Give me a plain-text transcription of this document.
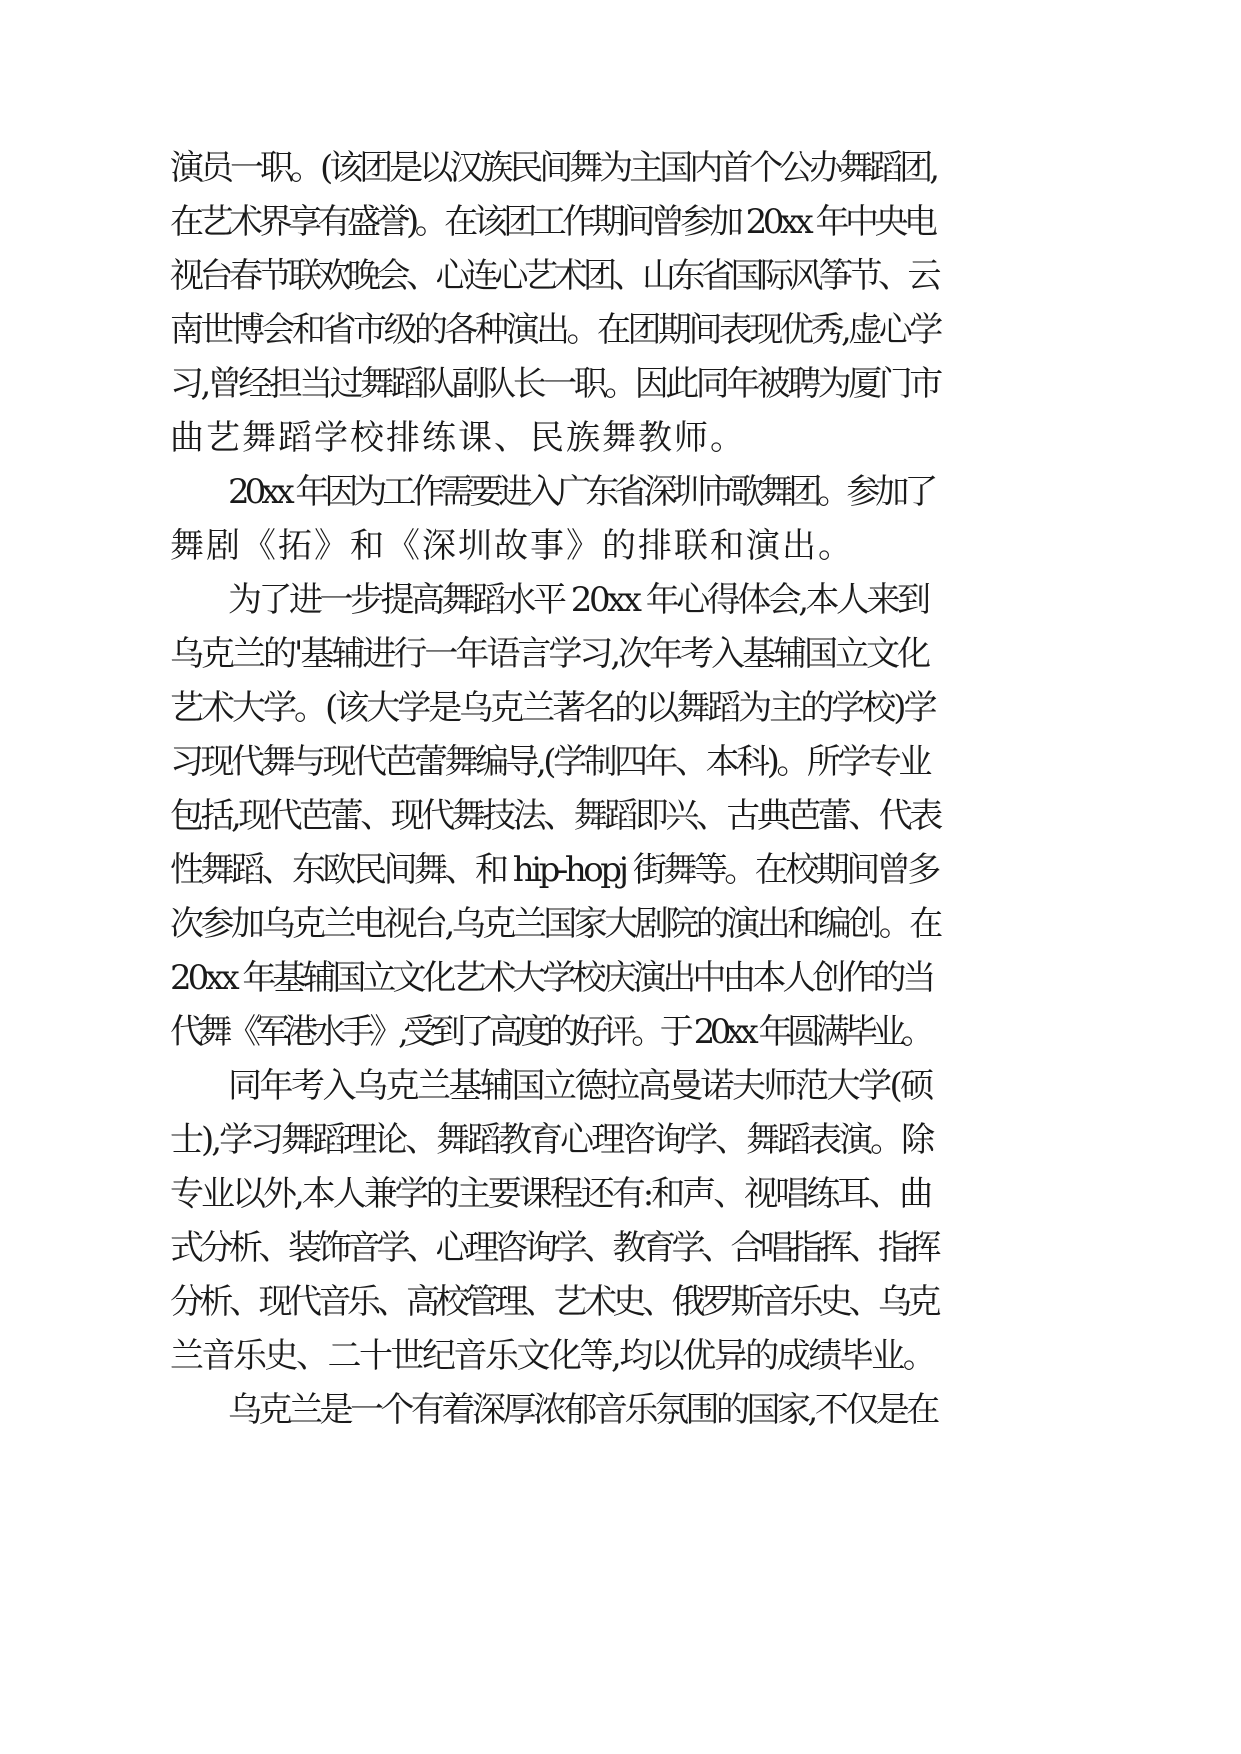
演员一职。(该团是以汉族民间舞为主国内首个公办舞蹈团,
在艺术界享有盛誉)。在该团工作期间曾参加 20xx 年中央电
视台春节联欢晚会、心连心艺术团、山东省国际风筝节、云
南世博会和省市级的各种演出。在团期间表现优秀,虚心学
习,曾经担当过舞蹈队副队长一职。因此同年被聘为厦门市
曲艺舞蹈学校排练课、民族舞教师。
20xx 年因为工作需要进入广东省深圳市歌舞团。参加了
舞剧《拓》和《深圳故事》的排联和演出。
为了进一步提高舞蹈水平 20xx 年心得体会,本人来到
乌克兰的'基辅进行一年语言学习,次年考入基辅国立文化
艺术大学。(该大学是乌克兰著名的以舞蹈为主的学校)学
习现代舞与现代芭蕾舞编导,(学制四年、本科)。所学专业
包括,现代芭蕾、现代舞技法、舞蹈即兴、古典芭蕾、代表
性舞蹈、东欧民间舞、和 hip-hopj 街舞等。在校期间曾多
次参加乌克兰电视台,乌克兰国家大剧院的演出和编创。在
20xx 年基辅国立文化艺术大学校庆演出中由本人创作的当
代舞《军港水手》,受到了高度的好评。于 20xx 年圆满毕业。
同年考入乌克兰基辅国立德拉高曼诺夫师范大学(硕
士),学习舞蹈理论、舞蹈教育心理咨询学、舞蹈表演。除
专业以外,本人兼学的主要课程还有:和声、视唱练耳、曲
式分析、装饰音学、心理咨询学、教育学、合唱指挥、指挥
分析、现代音乐、高校管理、艺术史、俄罗斯音乐史、乌克
兰音乐史、二十世纪音乐文化等,均以优异的成绩毕业。
乌克兰是一个有着深厚浓郁音乐氛围的国家,不仅是在
